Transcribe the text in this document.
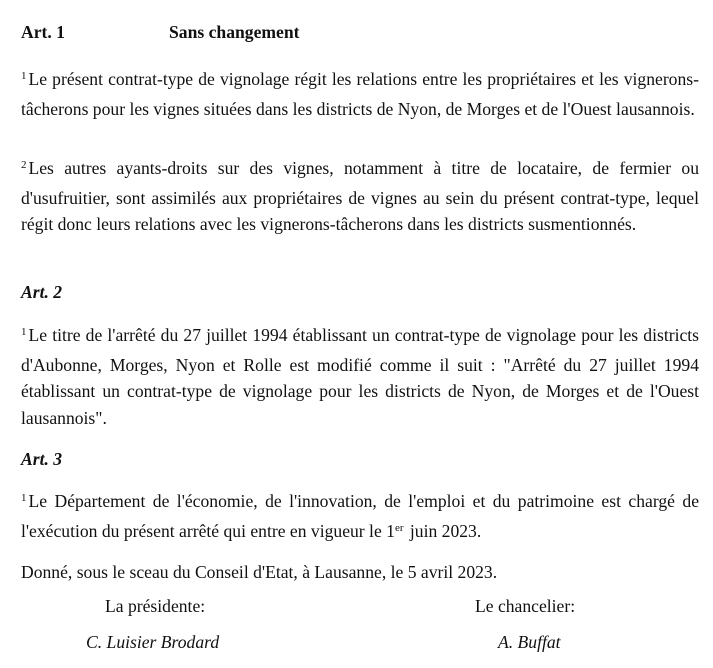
Art. 1	Sans changement
$^1$ Le présent contrat-type de vignolage régit les relations entre les propriétaires et les vignerons-tâcherons pour les vignes situées dans les districts de Nyon, de Morges et de l'Ouest lausannois.
$^2$ Les autres ayants-droits sur des vignes, notamment à titre de locataire, de fermier ou d'usufruitier, sont assimilés aux propriétaires de vignes au sein du présent contrat-type, lequel régit donc leurs relations avec les vignerons-tâcherons dans les districts susmentionnés.
Art. 2
$^1$ Le titre de l'arrêté du 27 juillet 1994 établissant un contrat-type de vignolage pour les districts d'Aubonne, Morges, Nyon et Rolle est modifié comme il suit : "Arrêté du 27 juillet 1994 établissant un contrat-type de vignolage pour les districts de Nyon, de Morges et de l'Ouest lausannois".
Art. 3
$^1$ Le Département de l'économie, de l'innovation, de l'emploi et du patrimoine est chargé de l'exécution du présent arrêté qui entre en vigueur le 1er juin 2023.
Donné, sous le sceau du Conseil d'Etat, à Lausanne, le 5 avril 2023.
La présidente:
C. Luisier Brodard
Le chancelier:
A. Buffat
